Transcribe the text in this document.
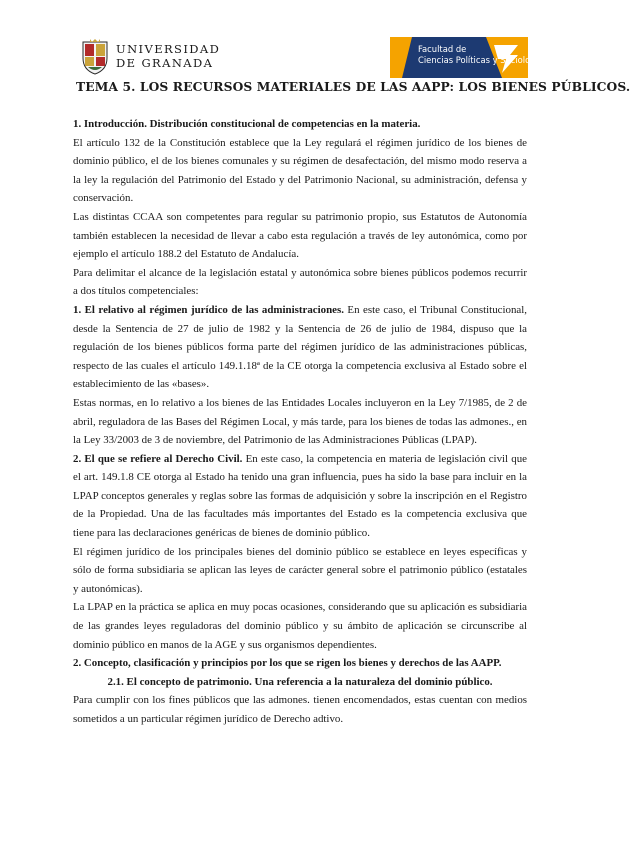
UNIVERSIDAD
DE GRANADA
Facultad de
Ciencias Políticas y Sociología
TEMA 5. LOS RECURSOS MATERIALES DE LAS AAPP: LOS BIENES PÚBLICOS.

1. Introducción. Distribución constitucional de competencias en la materia.

El artículo 132 de la Constitución establece que la Ley regulará el régimen jurídico de los bienes de dominio público, el de los bienes comunales y su régimen de desafectación, del mismo modo reserva a la ley la regulación del Patrimonio del Estado y del Patrimonio Nacional, su administración, defensa y conservación.

Las distintas CCAA son competentes para regular su patrimonio propio, sus Estatutos de Autonomía también establecen la necesidad de llevar a cabo esta regulación a través de ley autonómica, como por ejemplo el artículo 188.2 del Estatuto de Andalucía.

Para delimitar el alcance de la legislación estatal y autonómica sobre bienes públicos podemos recurrir a dos títulos competenciales:

1. El relativo al régimen jurídico de las administraciones. En este caso, el Tribunal Constitucional, desde la Sentencia de 27 de julio de 1982 y la Sentencia de 26 de julio de 1984, dispuso que la regulación de los bienes públicos forma parte del régimen jurídico de las administraciones públicas, respecto de las cuales el artículo 149.1.18ª de la CE otorga la competencia exclusiva al Estado sobre el establecimiento de las «bases».

Estas normas, en lo relativo a los bienes de las Entidades Locales incluyeron en la Ley 7/1985, de 2 de abril, reguladora de las Bases del Régimen Local, y más tarde, para los bienes de todas las admones., en la Ley 33/2003 de 3 de noviembre, del Patrimonio de las Administraciones Públicas (LPAP).

2. El que se refiere al Derecho Civil. En este caso, la competencia en materia de legislación civil que el art. 149.1.8 CE otorga al Estado ha tenido una gran influencia, pues ha sido la base para incluir en la LPAP conceptos generales y reglas sobre las formas de adquisición y sobre la inscripción en el Registro de la Propiedad. Una de las facultades más importantes del Estado es la competencia exclusiva que tiene para las declaraciones genéricas de bienes de dominio público.

El régimen jurídico de los principales bienes del dominio público se establece en leyes específicas y sólo de forma subsidiaria se aplican las leyes de carácter general sobre el patrimonio público (estatales y autonómicas).

La LPAP en la práctica se aplica en muy pocas ocasiones, considerando que su aplicación es subsidiaria de las grandes leyes reguladoras del dominio público y su ámbito de aplicación se circunscribe al dominio público en manos de la AGE y sus organismos dependientes.

2. Concepto, clasificación y principios por los que se rigen los bienes y derechos de las AAPP.

2.1. El concepto de patrimonio. Una referencia a la naturaleza del dominio público.

Para cumplir con los fines públicos que las admones. tienen encomendados, estas cuentan con medios sometidos a un particular régimen jurídico de Derecho adtivo.
